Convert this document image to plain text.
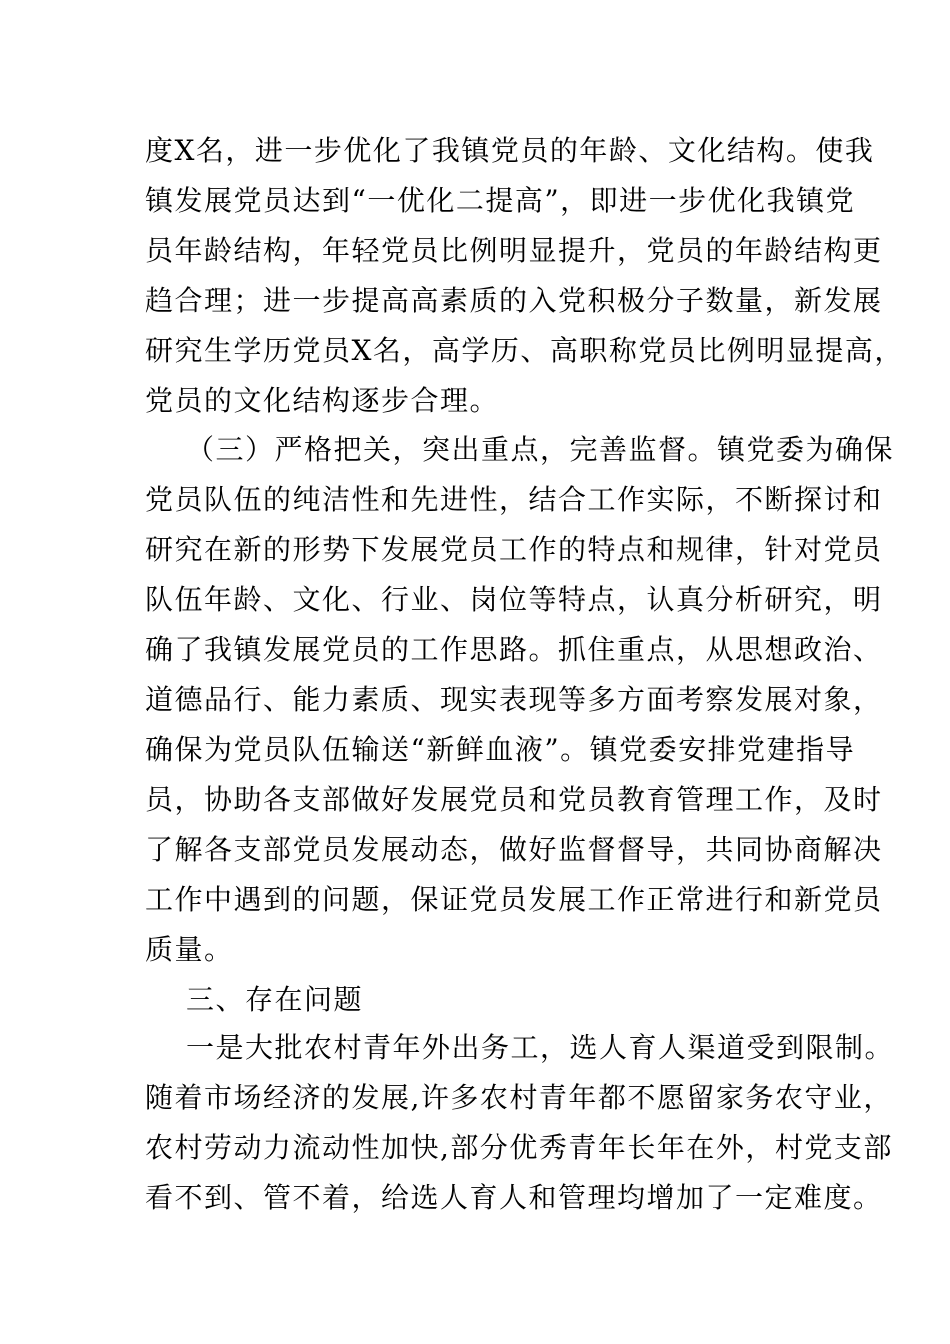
度X名，进一步优化了我镇党员的年龄、文化结构。使我
镇发展党员达到“一优化二提高”，即进一步优化我镇党
员年龄结构，年轻党员比例明显提升，党员的年龄结构更
趋合理；进一步提高高素质的入党积极分子数量，新发展
研究生学历党员X名，高学历、高职称党员比例明显提高，
党员的文化结构逐步合理。
（三）严格把关，突出重点，完善监督。镇党委为确保
党员队伍的纯洁性和先进性，结合工作实际，不断探讨和
研究在新的形势下发展党员工作的特点和规律，针对党员
队伍年龄、文化、行业、岗位等特点，认真分析研究，明
确了我镇发展党员的工作思路。抓住重点，从思想政治、
道德品行、能力素质、现实表现等多方面考察发展对象，
确保为党员队伍输送“新鲜血液”。镇党委安排党建指导
员，协助各支部做好发展党员和党员教育管理工作，及时
了解各支部党员发展动态，做好监督督导，共同协商解决
工作中遇到的问题，保证党员发展工作正常进行和新党员
质量。
三、存在问题
一是大批农村青年外出务工，选人育人渠道受到限制。
随着市场经济的发展,许多农村青年都不愿留家务农守业，
农村劳动力流动性加快,部分优秀青年长年在外，村党支部
看不到、管不着，给选人育人和管理均增加了一定难度。
